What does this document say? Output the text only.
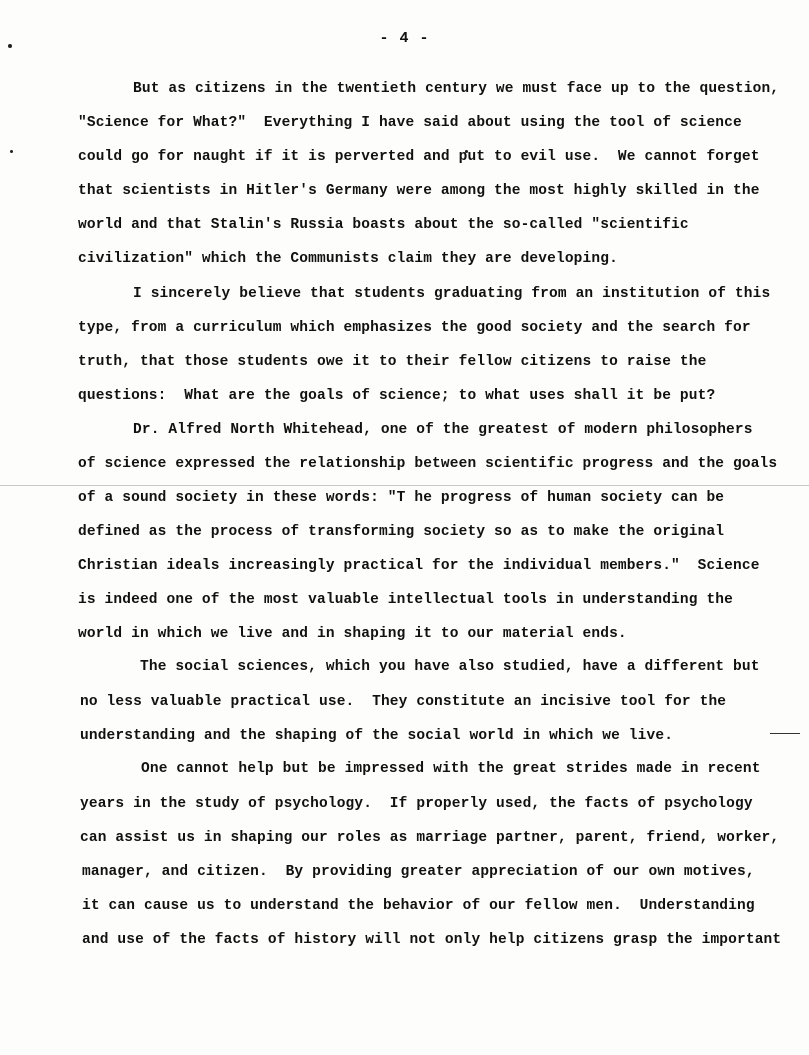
- 4 -
But as citizens in the twentieth century we must face up to the question,
"Science for What?"  Everything I have said about using the tool of science
could go for naught if it is perverted and put to evil use.  We cannot forget
that scientists in Hitler's Germany were among the most highly skilled in the
world and that Stalin's Russia boasts about the so-called "scientific
civilization" which the Communists claim they are developing.
I sincerely believe that students graduating from an institution of this
type, from a curriculum which emphasizes the good society and the search for
truth, that those students owe it to their fellow citizens to raise the
questions:  What are the goals of science; to what uses shall it be put?
Dr. Alfred North Whitehead, one of the greatest of modern philosophers
of science expressed the relationship between scientific progress and the goals
of a sound society in these words: "T he progress of human society can be
defined as the process of transforming society so as to make the original
Christian ideals increasingly practical for the individual members."  Science
is indeed one of the most valuable intellectual tools in understanding the
world in which we live and in shaping it to our material ends.
The social sciences, which you have also studied, have a different but
no less valuable practical use.  They constitute an incisive tool for the
understanding and the shaping of the social world in which we live.
One cannot help but be impressed with the great strides made in recent
years in the study of psychology.  If properly used, the facts of psychology
can assist us in shaping our roles as marriage partner, parent, friend, worker,
manager, and citizen.  By providing greater appreciation of our own motives,
it can cause us to understand the behavior of our fellow men.  Understanding
and use of the facts of history will not only help citizens grasp the important
